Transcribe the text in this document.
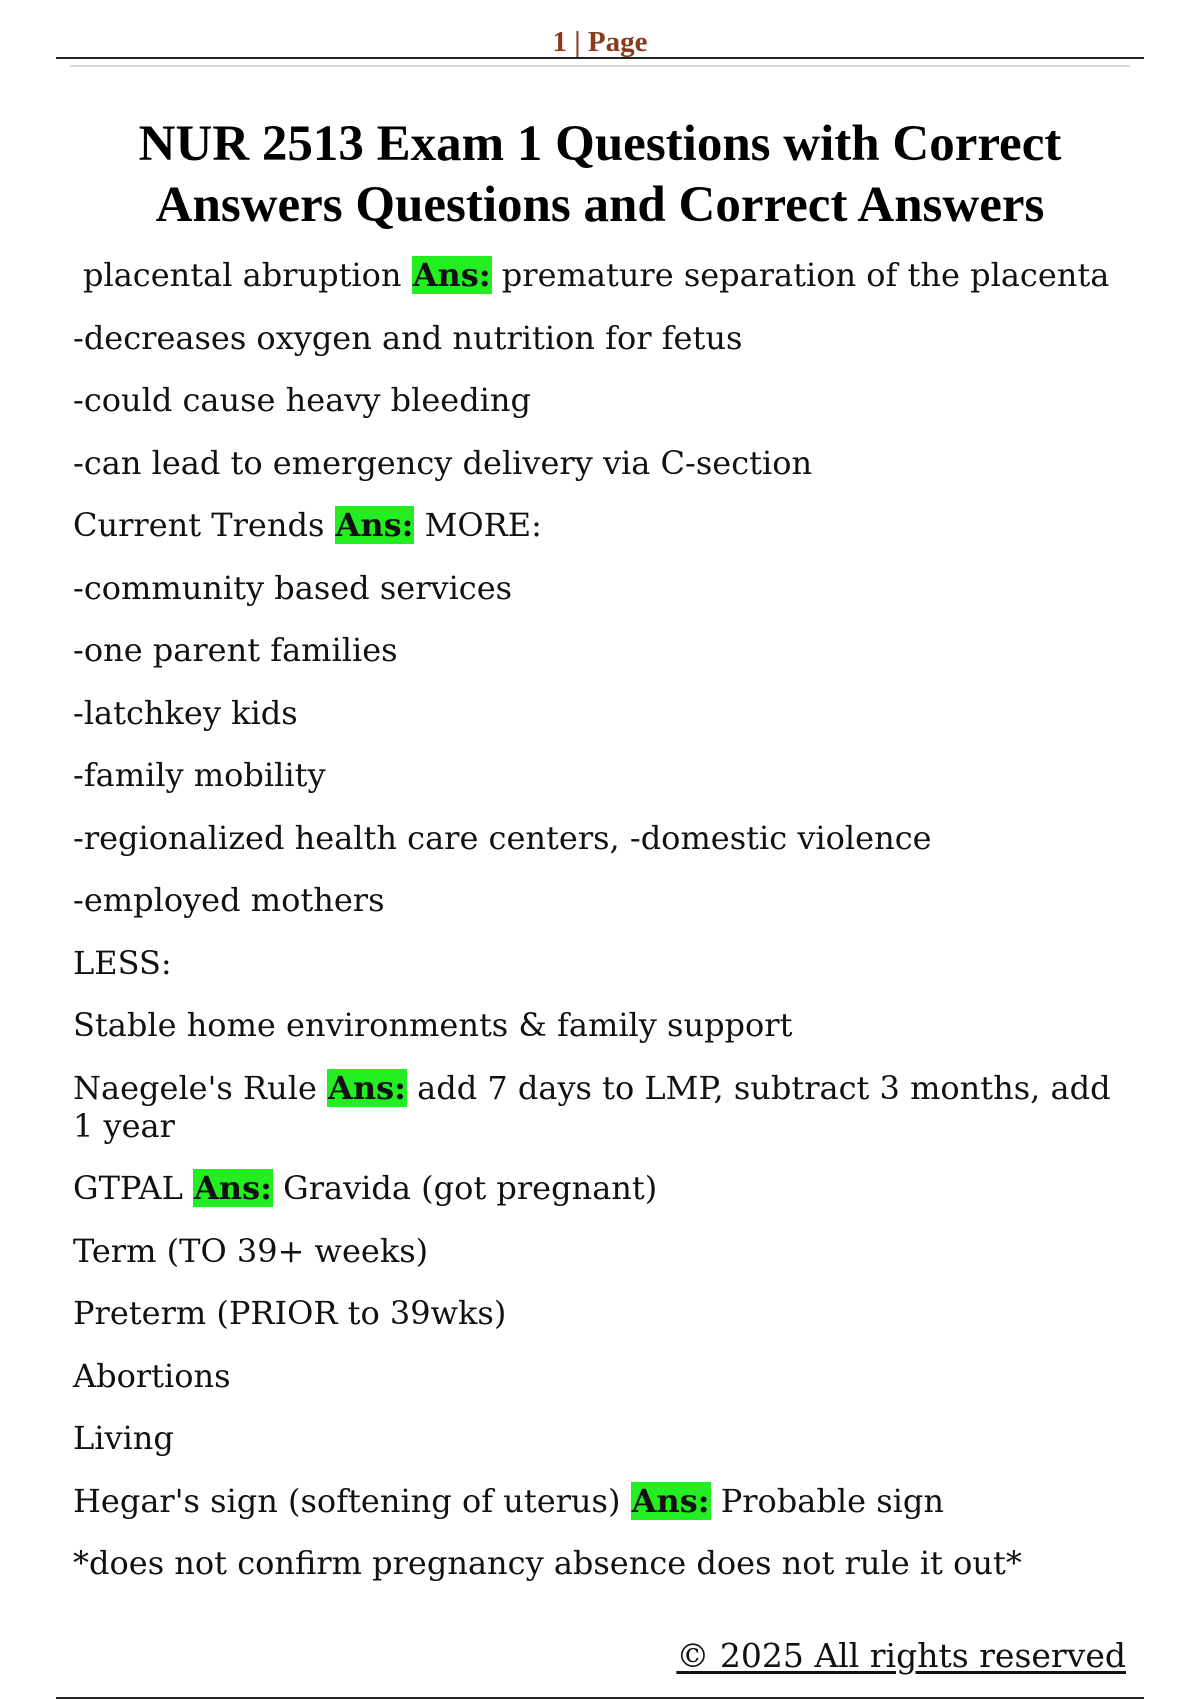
1 | Page
NUR 2513 Exam 1 Questions with Correct
Answers Questions and Correct Answers

placental abruption Ans: premature separation of the placenta

-decreases oxygen and nutrition for fetus

-could cause heavy bleeding

-can lead to emergency delivery via C-section

Current Trends Ans: MORE:

-community based services

-one parent families

-latchkey kids

-family mobility

-regionalized health care centers, -domestic violence

-employed mothers

LESS:

Stable home environments & family support

Naegele's Rule Ans: add 7 days to LMP, subtract 3 months, add 1 year

GTPAL Ans: Gravida (got pregnant)

Term (TO 39+ weeks)

Preterm (PRIOR to 39wks)

Abortions

Living

Hegar's sign (softening of uterus) Ans: Probable sign

*does not confirm pregnancy absence does not rule it out*

© 2025 All rights reserved
